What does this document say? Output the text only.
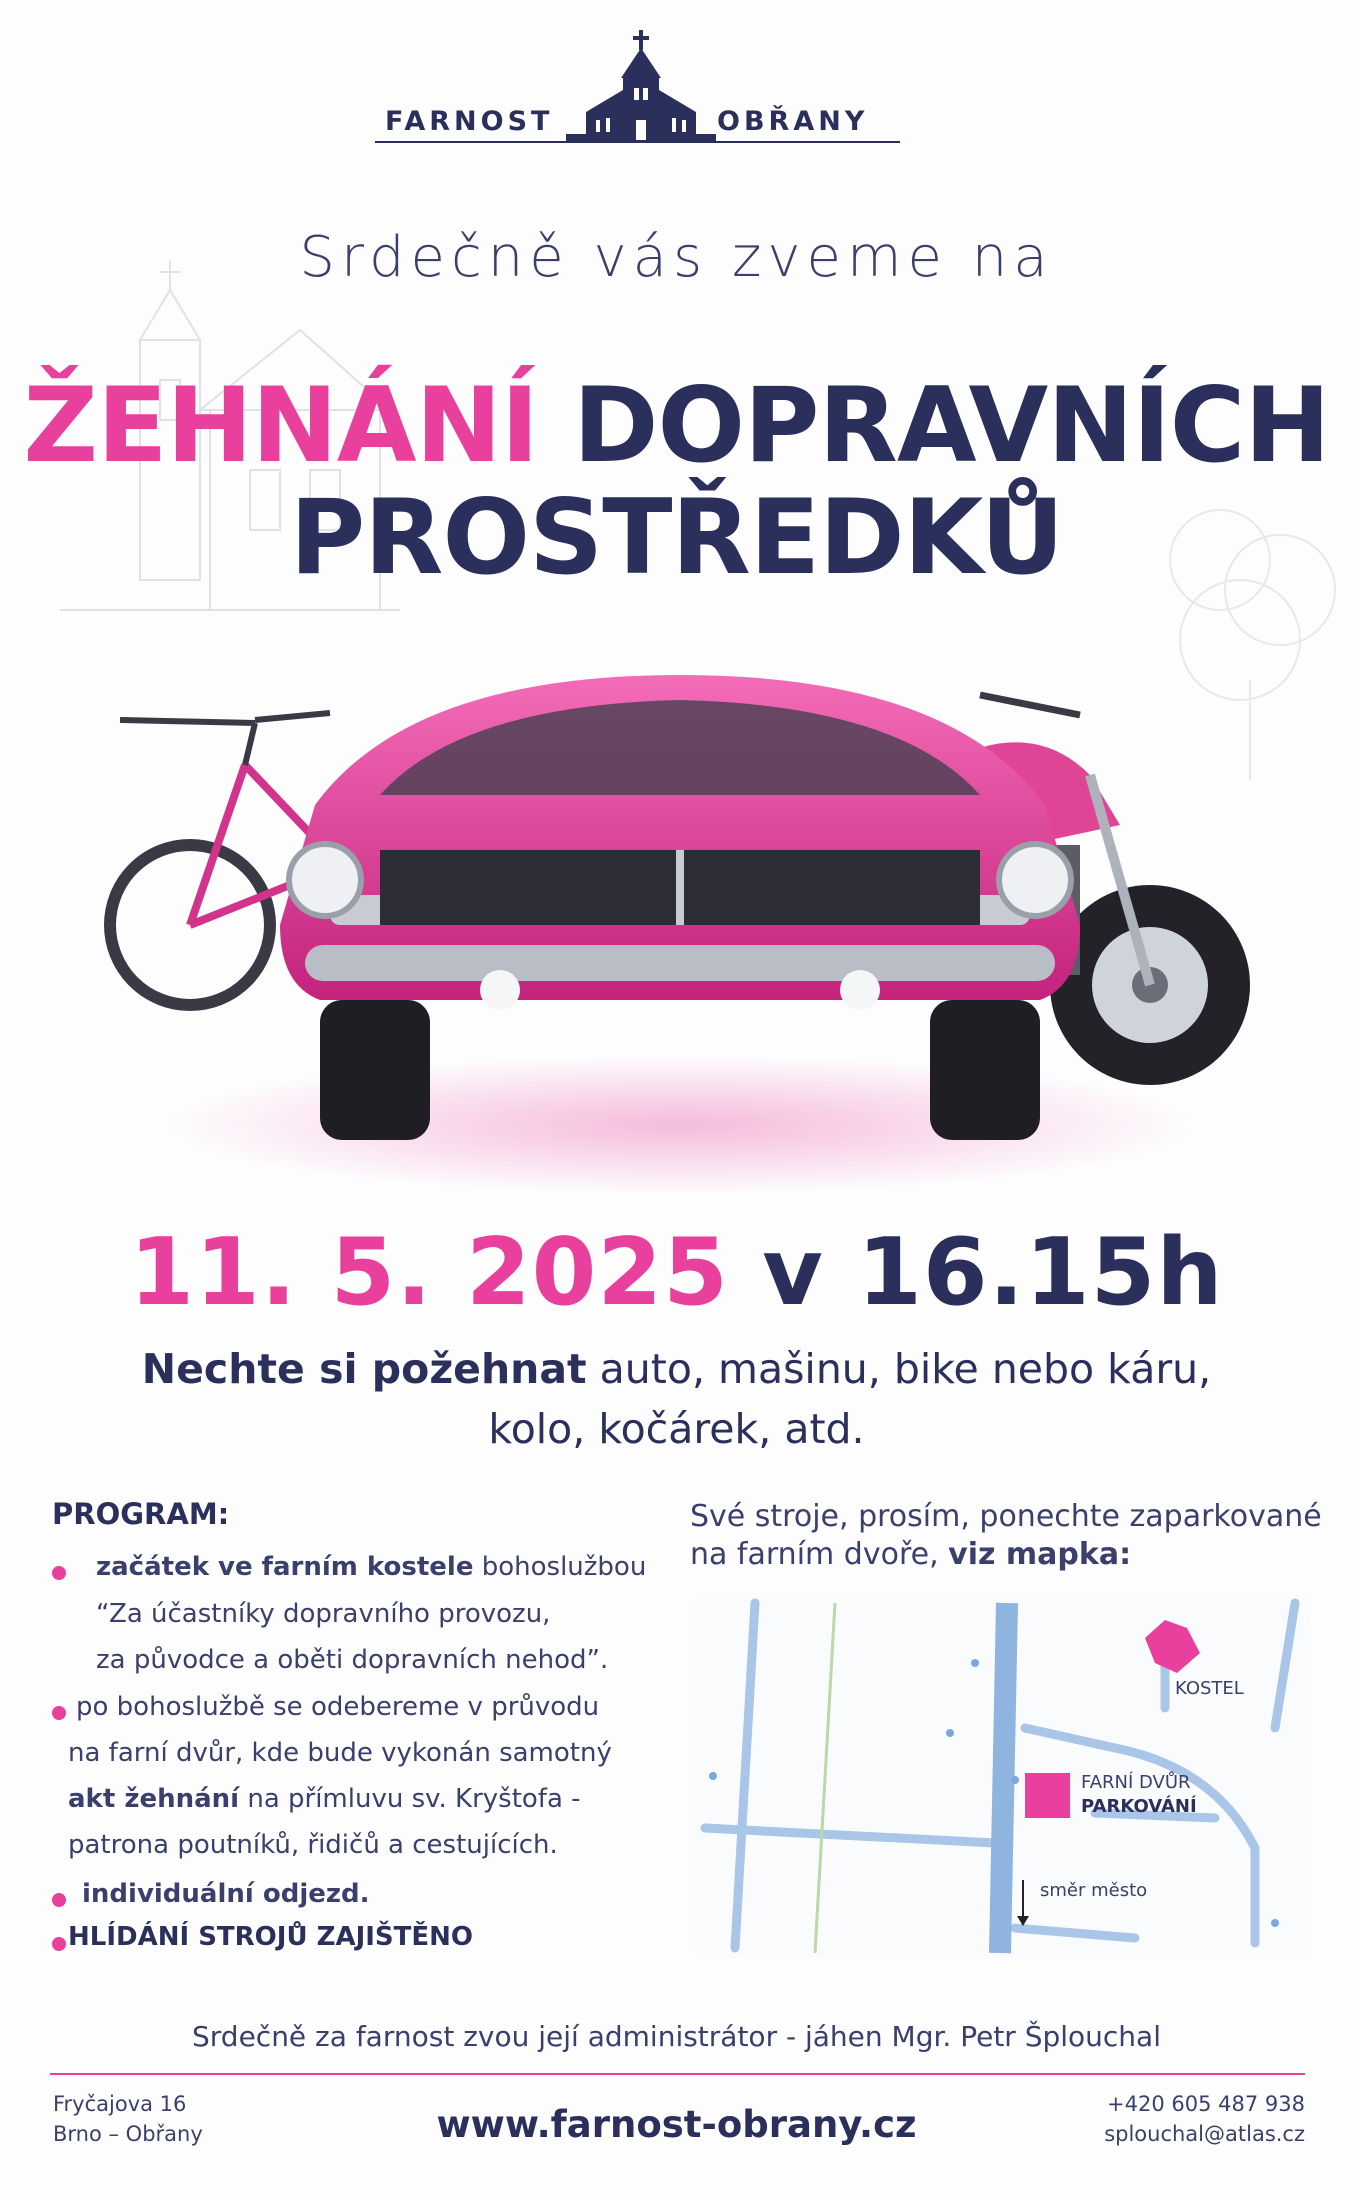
FARNOST	OBŘANY
Srdečně vás zveme na
ŽEHNÁNÍ DOPRAVNÍCH
PROSTŘEDKŮ
11. 5. 2025 v 16.15h
Nechte si požehnat auto, mašinu, bike nebo káru,
kolo, kočárek, atd.
PROGRAM:
začátek ve farním kostele bohoslužbou
“Za účastníky dopravního provozu,
za původce a oběti dopravních nehod”.
po bohoslužbě se odebereme v průvodu
na farní dvůr, kde bude vykonán samotný
akt žehnání na přímluvu sv. Kryštofa -
patrona poutníků, řidičů a cestujících.
individuální odjezd.
HLÍDÁNÍ STROJŮ ZAJIŠTĚNO
Své stroje, prosím, ponechte zaparkované
na farním dvoře, viz mapka:
KOSTEL
FARNÍ DVŮR
PARKOVÁNÍ
směr město
Srdečně za farnost zvou její administrátor - jáhen Mgr. Petr Šplouchal
Fryčajova 16
Brno – Obřany	www.farnost-obrany.cz	+420 605 487 938
splouchal@atlas.cz
